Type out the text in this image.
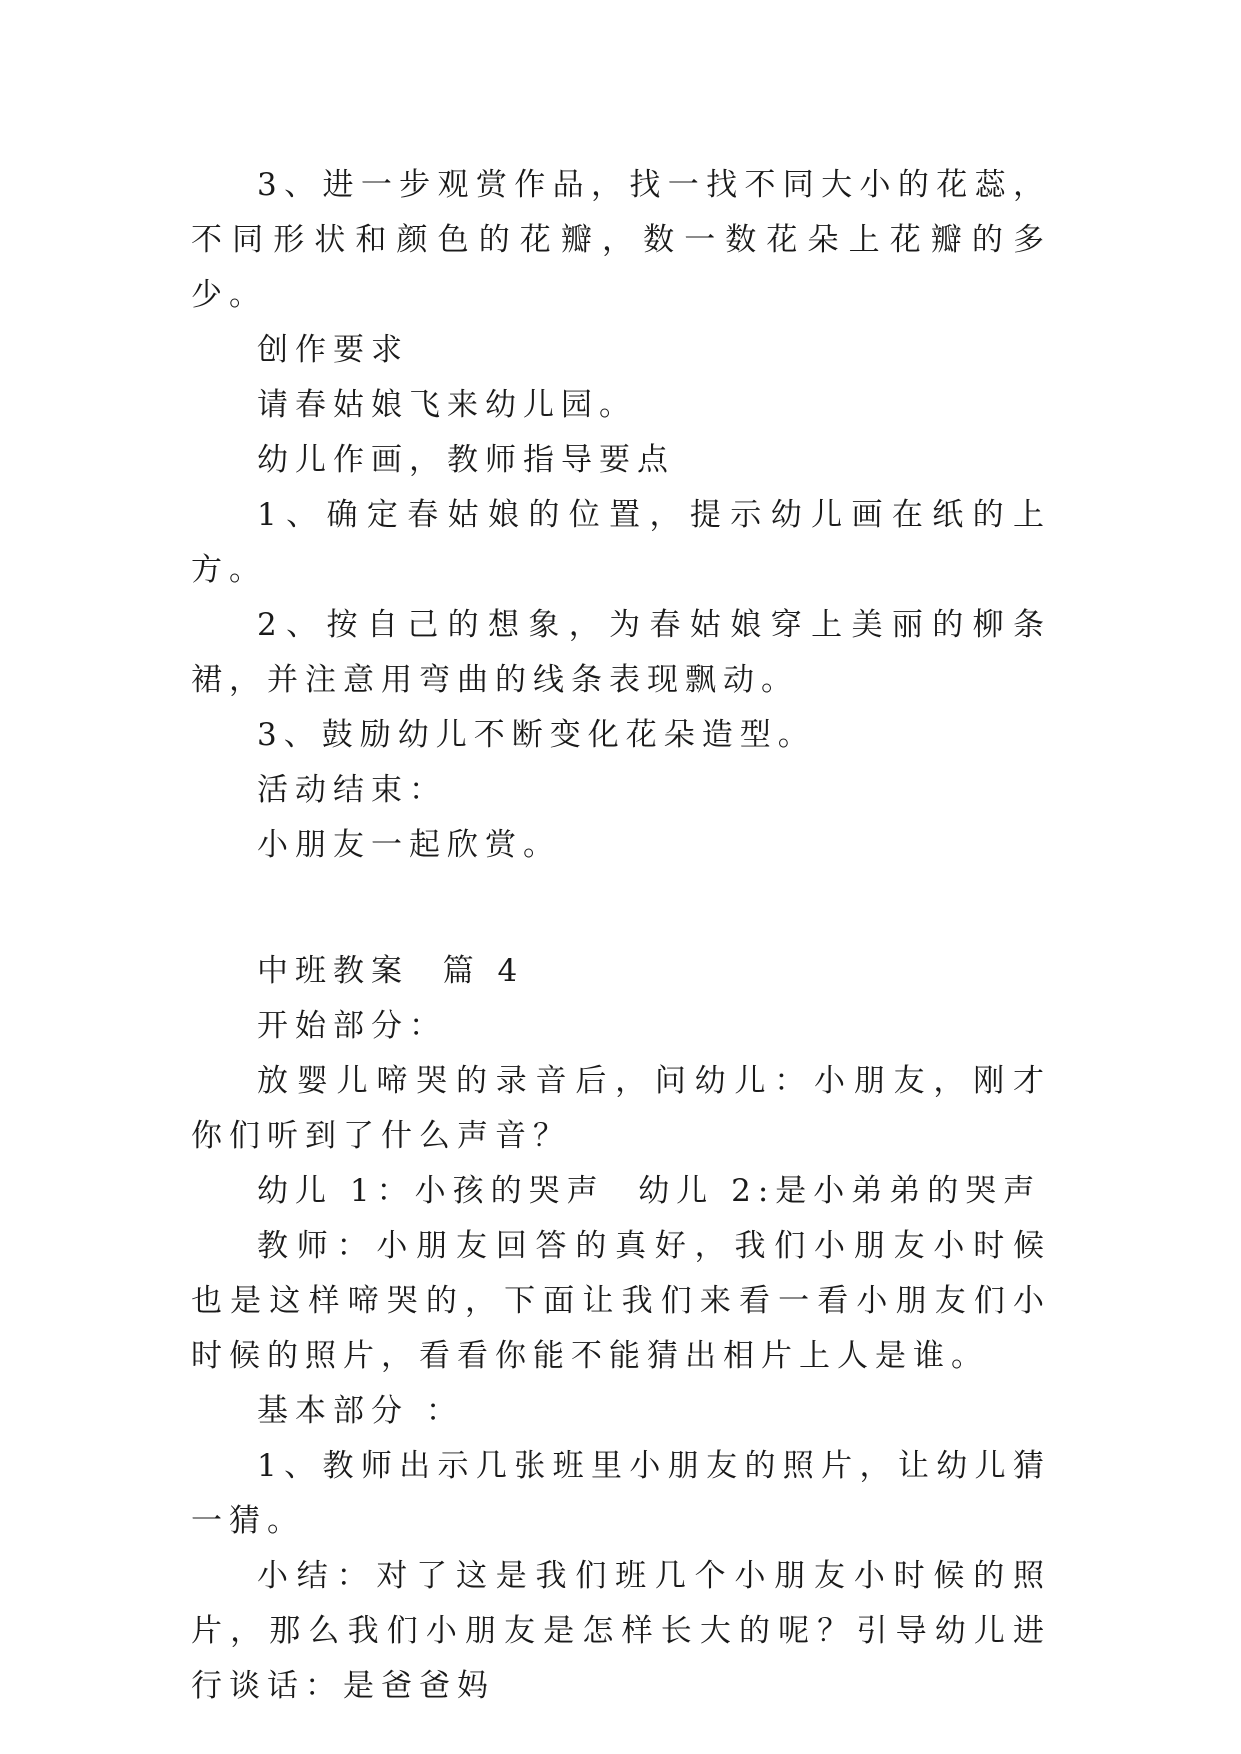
3、进一步观赏作品，找一找不同大小的花蕊，不同形状和颜色的花瓣，数一数花朵上花瓣的多少。

创作要求

请春姑娘飞来幼儿园。

幼儿作画，教师指导要点

1、确定春姑娘的位置，提示幼儿画在纸的上方。

2、按自己的想象，为春姑娘穿上美丽的柳条裙，并注意用弯曲的线条表现飘动。

3、鼓励幼儿不断变化花朵造型。

活动结束：

小朋友一起欣赏。

中班教案  篇 4

开始部分：

放婴儿啼哭的录音后，问幼儿：小朋友，刚才你们听到了什么声音？

幼儿 1：小孩的哭声  幼儿 2:是小弟弟的哭声

教师：小朋友回答的真好，我们小朋友小时候也是这样啼哭的，下面让我们来看一看小朋友们小时候的照片，看看你能不能猜出相片上人是谁。

基本部分 ：

1、教师出示几张班里小朋友的照片，让幼儿猜一猜。

小结：对了这是我们班几个小朋友小时候的照片，那么我们小朋友是怎样长大的呢？引导幼儿进行谈话：是爸爸妈
